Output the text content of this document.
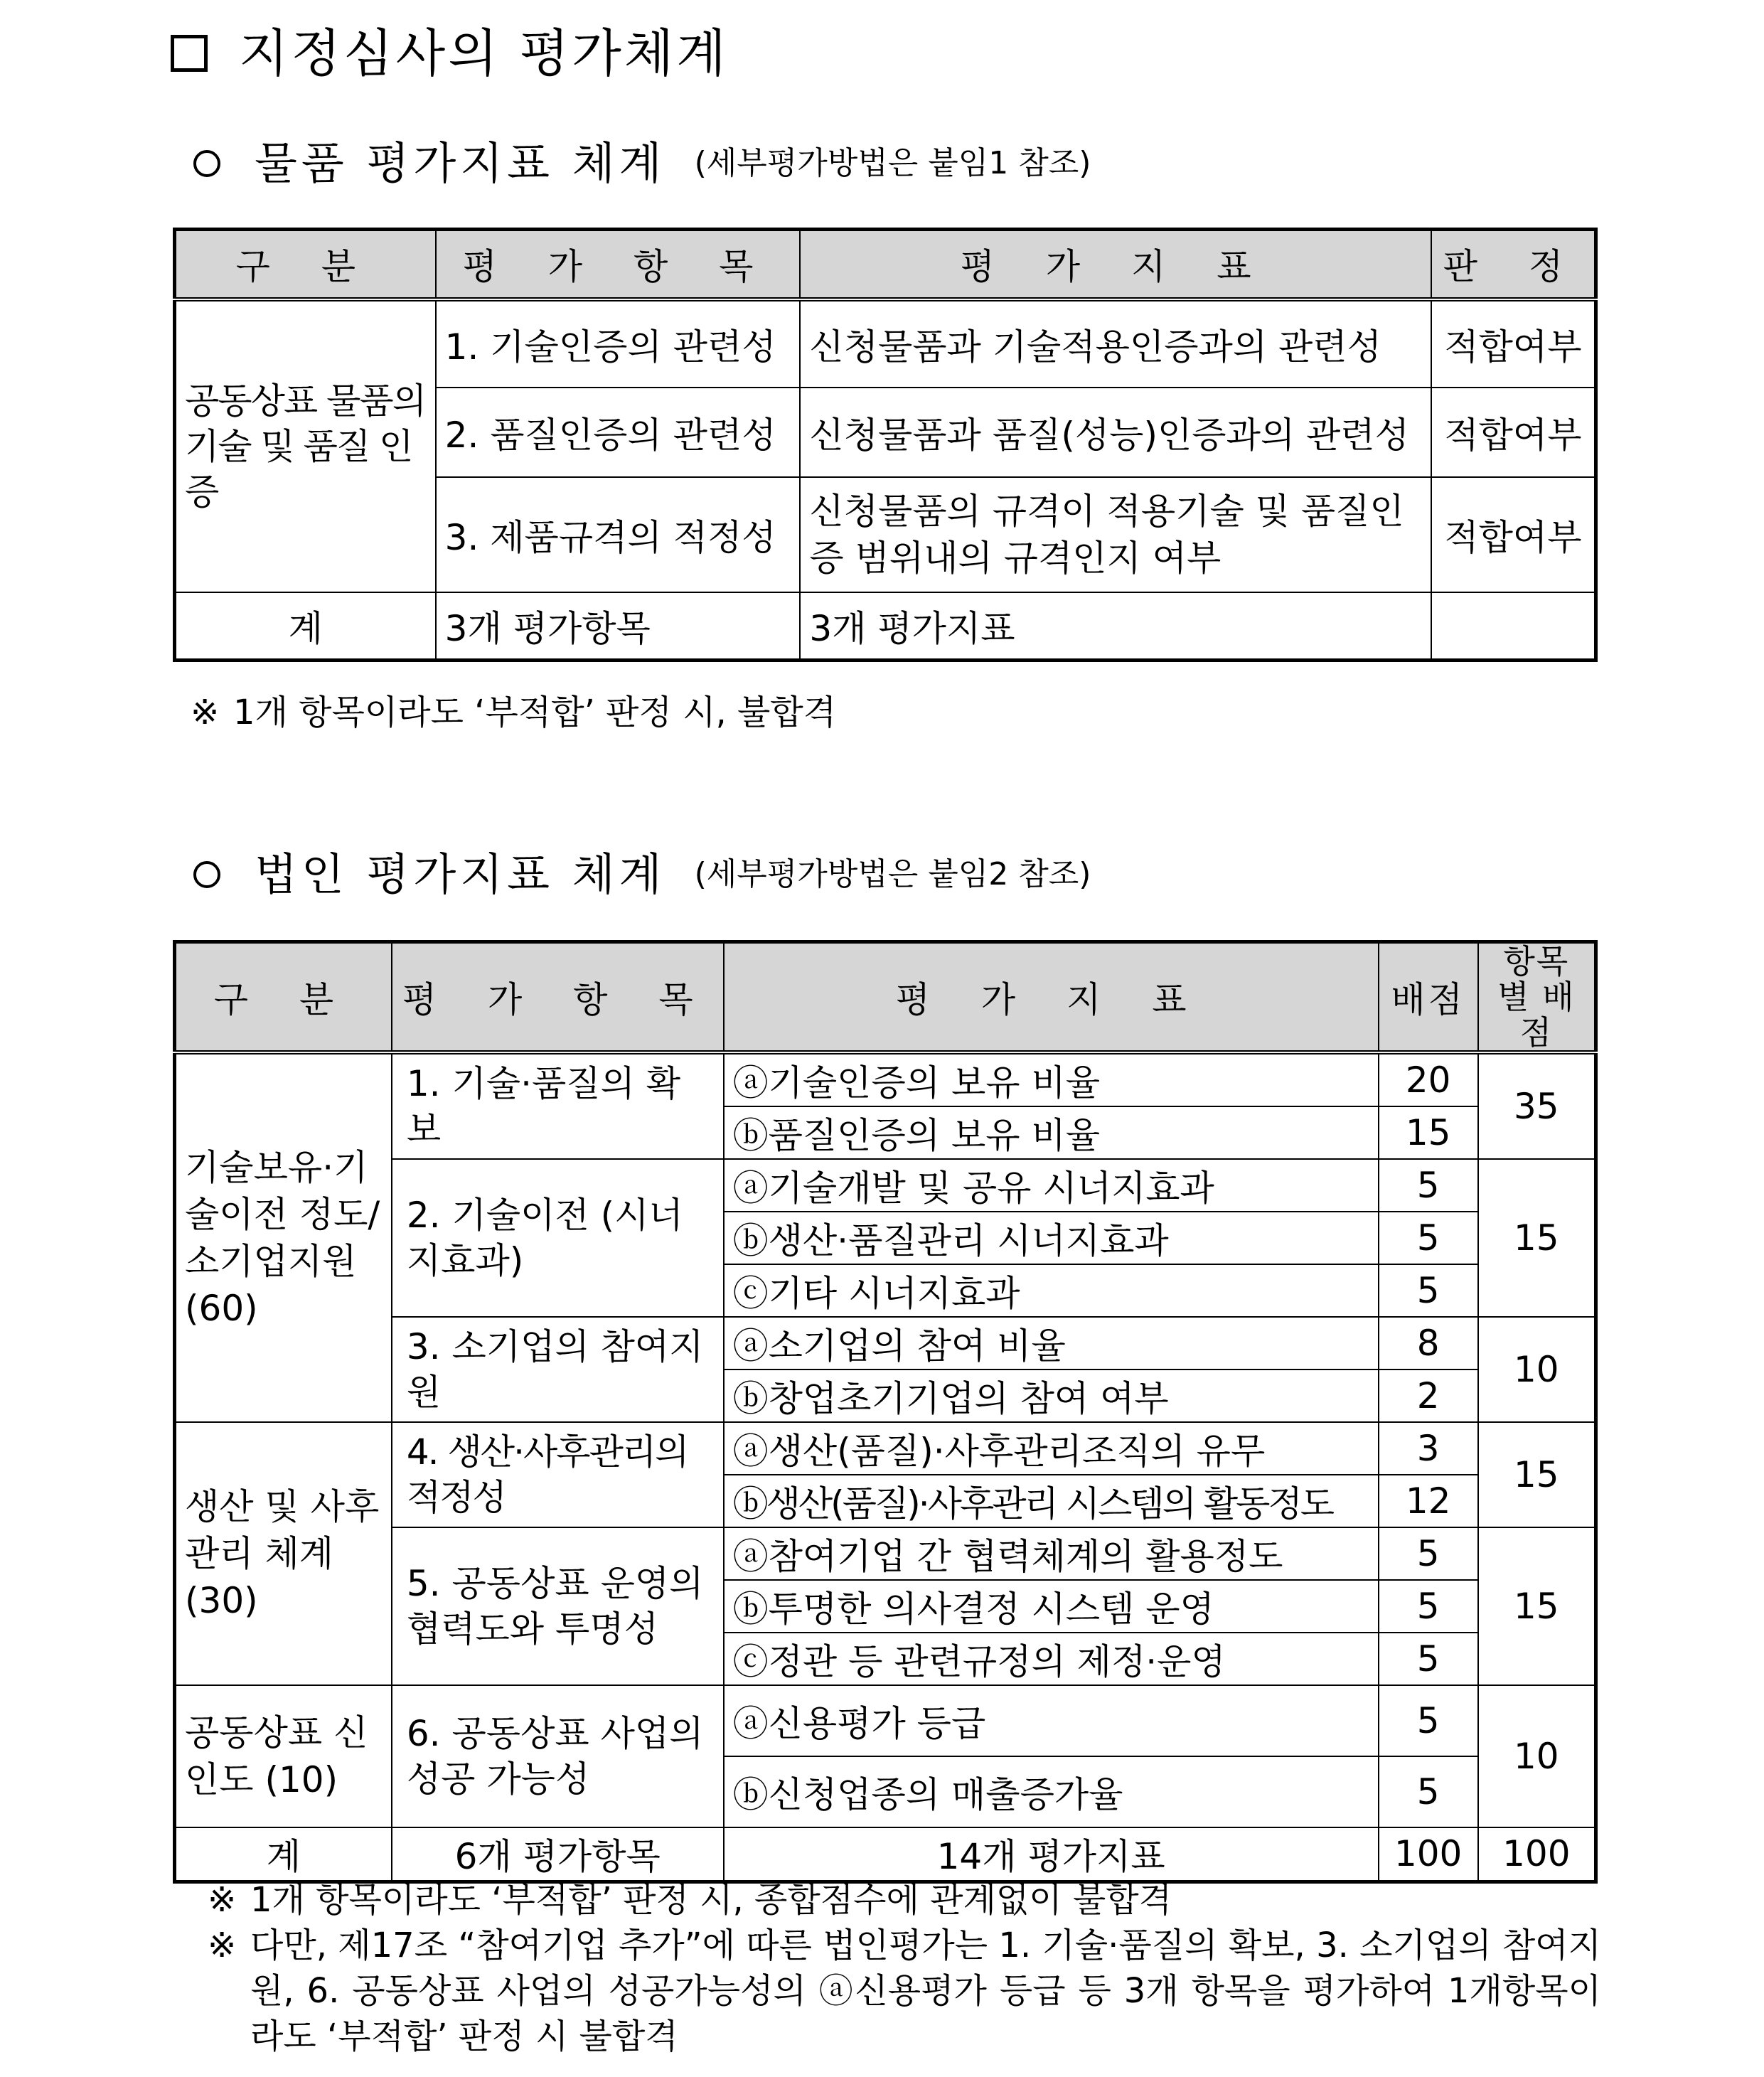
지정심사의 평가체계
물품 평가지표 체계 (세부평가방법은 붙임1 참조)
구 분	평 가 항 목	평 가 지 표	판 정
공동상표 물품의 기술 및 품질 인증	1. 기술인증의 관련성	신청물품과 기술적용인증과의 관련성	적합여부
	2. 품질인증의 관련성	신청물품과 품질(성능)인증과의 관련성	적합여부
	3. 제품규격의 적정성	신청물품의 규격이 적용기술 및 품질인증 범위내의 규격인지 여부	적합여부
계	3개 평가항목	3개 평가지표	
※ 1개 항목이라도 ‘부적합’ 판정 시, 불합격
법인 평가지표 체계 (세부평가방법은 붙임2 참조)
구 분	평 가 항 목	평 가 지 표	배점	항목별 배점
기술보유·기술이전 정도/ 소기업지원 (60)	1. 기술·품질의 확보	ⓐ기술인증의 보유 비율	20	35
		ⓑ품질인증의 보유 비율	15	
	2. 기술이전 (시너지효과)	ⓐ기술개발 및 공유 시너지효과	5	15
		ⓑ생산·품질관리 시너지효과	5	
		ⓒ기타 시너지효과	5	
	3. 소기업의 참여지원	ⓐ소기업의 참여 비율	8	10
		ⓑ창업초기기업의 참여 여부	2	
생산 및 사후관리 체계 (30)	4. 생산·사후관리의 적정성	ⓐ생산(품질)·사후관리조직의 유무	3	15
		ⓑ생산(품질)·사후관리 시스템의 활동정도	12	
	5. 공동상표 운영의 협력도와 투명성	ⓐ참여기업 간 협력체계의 활용정도	5	15
		ⓑ투명한 의사결정 시스템 운영	5	
		ⓒ정관 등 관련규정의 제정·운영	5	
공동상표 신인도 (10)	6. 공동상표 사업의 성공 가능성	ⓐ신용평가 등급	5	10
		ⓑ신청업종의 매출증가율	5	
계	6개 평가항목	14개 평가지표	100	100
※ 1개 항목이라도 ‘부적합’ 판정 시, 종합점수에 관계없이 불합격
※ 다만, 제17조 “참여기업 추가”에 따른 법인평가는 1. 기술·품질의 확보, 3. 소기업의 참여지원, 6. 공동상표 사업의 성공가능성의 ⓐ신용평가 등급 등 3개 항목을 평가하여 1개항목이라도 ‘부적합’ 판정 시 불합격
